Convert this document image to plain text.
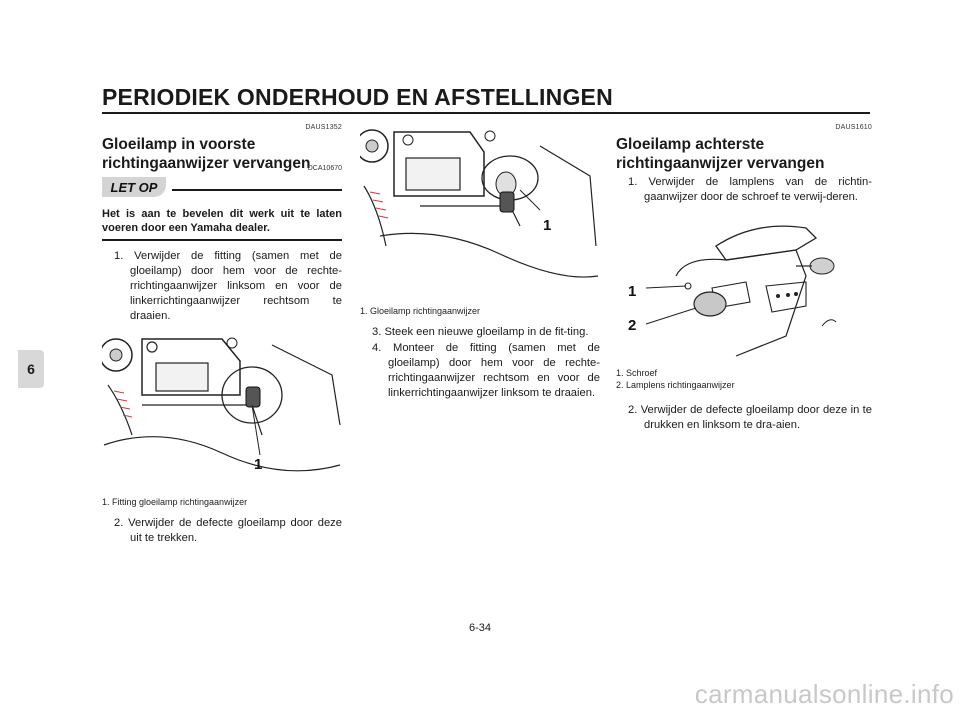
PERIODIEK ONDERHOUD EN AFSTELLINGEN
6
DAUS1352
Gloeilamp in voorste
richtingaanwijzer vervangen
LET OP
DCA10670
Het is aan te bevelen dit werk uit te laten voeren door een Yamaha dealer.
1. Verwijder de fitting (samen met de gloeilamp) door hem voor de rechte-rrichtingaanwijzer linksom en voor de linkerrichtingaanwijzer rechtsom te draaien.
1
1. Fitting gloeilamp richtingaanwijzer
2. Verwijder de defecte gloeilamp door deze uit te trekken.
1
1. Gloeilamp richtingaanwijzer
3. Steek een nieuwe gloeilamp in de fit-ting.
4. Monteer de fitting (samen met de gloeilamp) door hem voor de rechte-rrichtingaanwijzer rechtsom en voor de linkerrichtingaanwijzer linksom te draaien.
DAUS1610
Gloeilamp achterste
richtingaanwijzer vervangen
1. Verwijder de lamplens van de richtin-gaanwijzer door de schroef te verwij-deren.
1
2
1. Schroef
2. Lamplens richtingaanwijzer
2. Verwijder de defecte gloeilamp door deze in te drukken en linksom te dra-aien.
6-34
carmanualsonline.info
